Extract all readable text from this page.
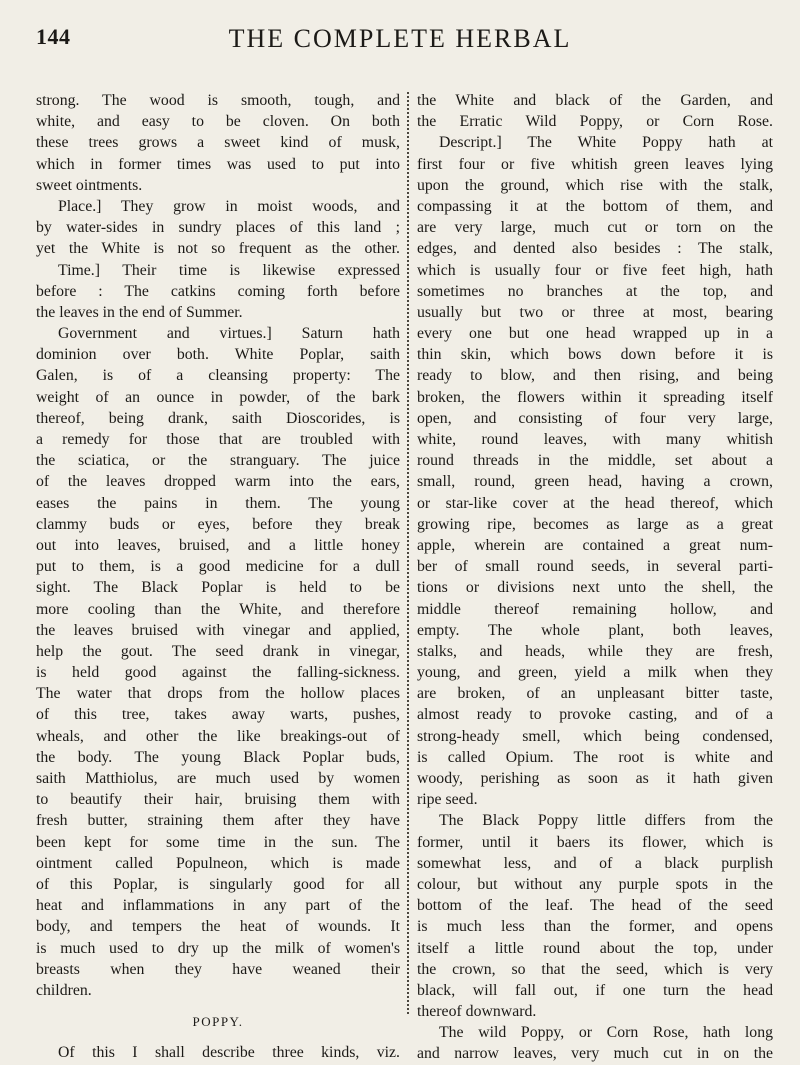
144	THE COMPLETE HERBAL
strong. The wood is smooth, tough, and
white, and easy to be cloven. On both
these trees grows a sweet kind of musk,
which in former times was used to put into
sweet ointments.
Place.] They grow in moist woods, and
by water-sides in sundry places of this land ;
yet the White is not so frequent as the other.
Time.] Their time is likewise expressed
before : The catkins coming forth before
the leaves in the end of Summer.
Government and virtues.] Saturn hath
dominion over both. White Poplar, saith
Galen, is of a cleansing property: The
weight of an ounce in powder, of the bark
thereof, being drank, saith Dioscorides, is
a remedy for those that are troubled with
the sciatica, or the stranguary. The juice
of the leaves dropped warm into the ears,
eases the pains in them. The young
clammy buds or eyes, before they break
out into leaves, bruised, and a little honey
put to them, is a good medicine for a dull
sight. The Black Poplar is held to be
more cooling than the White, and therefore
the leaves bruised with vinegar and applied,
help the gout. The seed drank in vinegar,
is held good against the falling-sickness.
The water that drops from the hollow places
of this tree, takes away warts, pushes,
wheals, and other the like breakings-out of
the body. The young Black Poplar buds,
saith Matthiolus, are much used by women
to beautify their hair, bruising them with
fresh butter, straining them after they have
been kept for some time in the sun. The
ointment called Populneon, which is made
of this Poplar, is singularly good for all
heat and inflammations in any part of the
body, and tempers the heat of wounds. It
is much used to dry up the milk of women's
breasts when they have weaned their
children.
POPPY.
Of this I shall describe three kinds, viz.
the White and black of the Garden, and
the Erratic Wild Poppy, or Corn Rose.
Descript.] The White Poppy hath at
first four or five whitish green leaves lying
upon the ground, which rise with the stalk,
compassing it at the bottom of them, and
are very large, much cut or torn on the
edges, and dented also besides : The stalk,
which is usually four or five feet high, hath
sometimes no branches at the top, and
usually but two or three at most, bearing
every one but one head wrapped up in a
thin skin, which bows down before it is
ready to blow, and then rising, and being
broken, the flowers within it spreading itself
open, and consisting of four very large,
white, round leaves, with many whitish
round threads in the middle, set about a
small, round, green head, having a crown,
or star-like cover at the head thereof, which
growing ripe, becomes as large as a great
apple, wherein are contained a great num-
ber of small round seeds, in several parti-
tions or divisions next unto the shell, the
middle thereof remaining hollow, and
empty. The whole plant, both leaves,
stalks, and heads, while they are fresh,
young, and green, yield a milk when they
are broken, of an unpleasant bitter taste,
almost ready to provoke casting, and of a
strong-heady smell, which being condensed,
is called Opium. The root is white and
woody, perishing as soon as it hath given
ripe seed.
The Black Poppy little differs from the
former, until it baers its flower, which is
somewhat less, and of a black purplish
colour, but without any purple spots in the
bottom of the leaf. The head of the seed
is much less than the former, and opens
itself a little round about the top, under
the crown, so that the seed, which is very
black, will fall out, if one turn the head
thereof downward.
The wild Poppy, or Corn Rose, hath long
and narrow leaves, very much cut in on the
